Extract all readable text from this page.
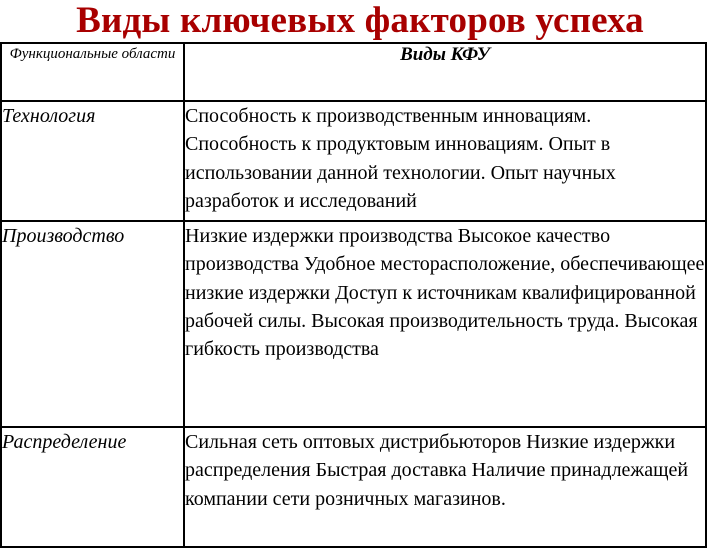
Виды ключевых факторов успеха
Функциональные области	Виды КФУ
Технология	Способность к производственным инновациям. Способность к продуктовым инновациям. Опыт в использовании данной технологии. Опыт научных разработок и исследований
Производство	Низкие издержки производства Высокое качество производства Удобное месторасположение, обеспечивающее низкие издержки Доступ к источникам квалифицированной рабочей силы. Высокая производительность труда. Высокая гибкость производства
Распределение	Сильная сеть оптовых дистрибьюторов Низкие издержки распределения Быстрая доставка Наличие принадлежащей компании сети розничных магазинов.
